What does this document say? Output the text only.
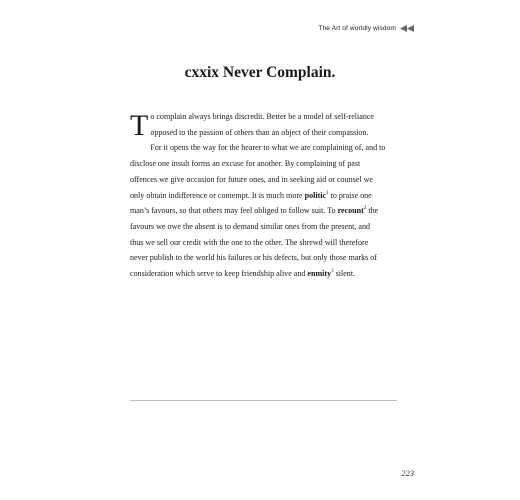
The Art of worldly wisdom
cxxix Never Complain.
T o complain always brings discredit. Better be a model of self-reliance
opposed to the passion of others than an object of their compassion.
For it opens the way for the hearer to what we are complaining of, and to
disclose one insult forms an excuse for another. By complaining of past
offences we give occasion for future ones, and in seeking aid or counsel we
only obtain indifference or contempt. It is much more politic$^1$ to praise one
man’s favours, so that others may feel obliged to follow suit. To recount$^2$ the
favours we owe the absent is to demand similar ones from the present, and
thus we sell our credit with the one to the other. The shrewd will therefore
never publish to the world his failures or his defects, but only those marks of
consideration which serve to keep friendship alive and enmity$^3$ silent.
223
